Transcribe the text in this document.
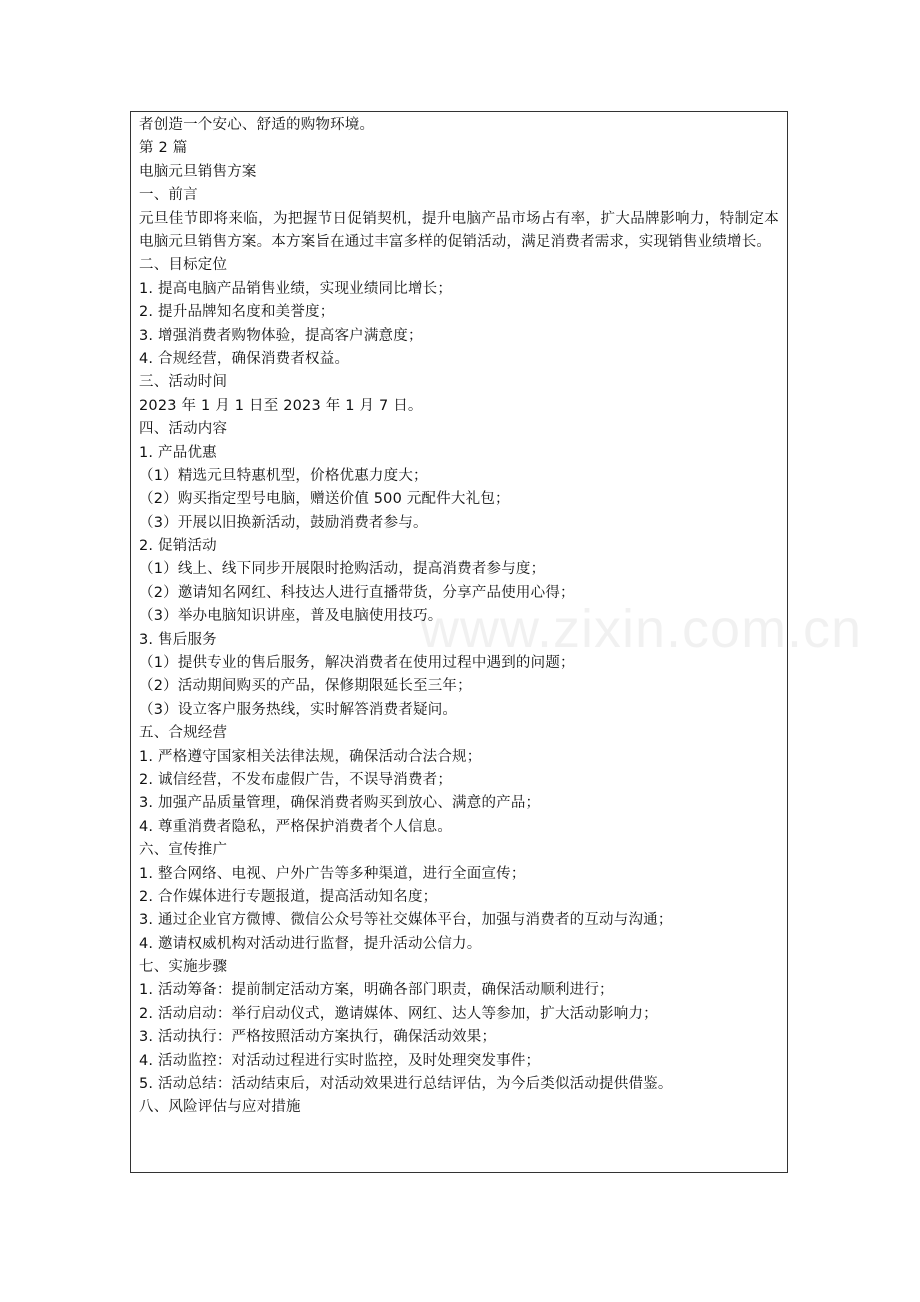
者创造一个安心、舒适的购物环境。
第 2 篇
电脑元旦销售方案
一、前言
元旦佳节即将来临，为把握节日促销契机，提升电脑产品市场占有率，扩大品牌影响力，特制定本电脑元旦销售方案。本方案旨在通过丰富多样的促销活动，满足消费者需求，实现销售业绩增长。
二、目标定位
1. 提高电脑产品销售业绩，实现业绩同比增长；
2. 提升品牌知名度和美誉度；
3. 增强消费者购物体验，提高客户满意度；
4. 合规经营，确保消费者权益。
三、活动时间
2023 年 1 月 1 日至 2023 年 1 月 7 日。
四、活动内容
1. 产品优惠
（1）精选元旦特惠机型，价格优惠力度大；
（2）购买指定型号电脑，赠送价值 500 元配件大礼包；
（3）开展以旧换新活动，鼓励消费者参与。
2. 促销活动
（1）线上、线下同步开展限时抢购活动，提高消费者参与度；
（2）邀请知名网红、科技达人进行直播带货，分享产品使用心得；
（3）举办电脑知识讲座，普及电脑使用技巧。
3. 售后服务
（1）提供专业的售后服务，解决消费者在使用过程中遇到的问题；
（2）活动期间购买的产品，保修期限延长至三年；
（3）设立客户服务热线，实时解答消费者疑问。
五、合规经营
1. 严格遵守国家相关法律法规，确保活动合法合规；
2. 诚信经营，不发布虚假广告，不误导消费者；
3. 加强产品质量管理，确保消费者购买到放心、满意的产品；
4. 尊重消费者隐私，严格保护消费者个人信息。
六、宣传推广
1. 整合网络、电视、户外广告等多种渠道，进行全面宣传；
2. 合作媒体进行专题报道，提高活动知名度；
3. 通过企业官方微博、微信公众号等社交媒体平台，加强与消费者的互动与沟通；
4. 邀请权威机构对活动进行监督，提升活动公信力。
七、实施步骤
1. 活动筹备：提前制定活动方案，明确各部门职责，确保活动顺利进行；
2. 活动启动：举行启动仪式，邀请媒体、网红、达人等参加，扩大活动影响力；
3. 活动执行：严格按照活动方案执行，确保活动效果；
4. 活动监控：对活动过程进行实时监控，及时处理突发事件；
5. 活动总结：活动结束后，对活动效果进行总结评估，为今后类似活动提供借鉴。
八、风险评估与应对措施
www.zixin.com.cn
